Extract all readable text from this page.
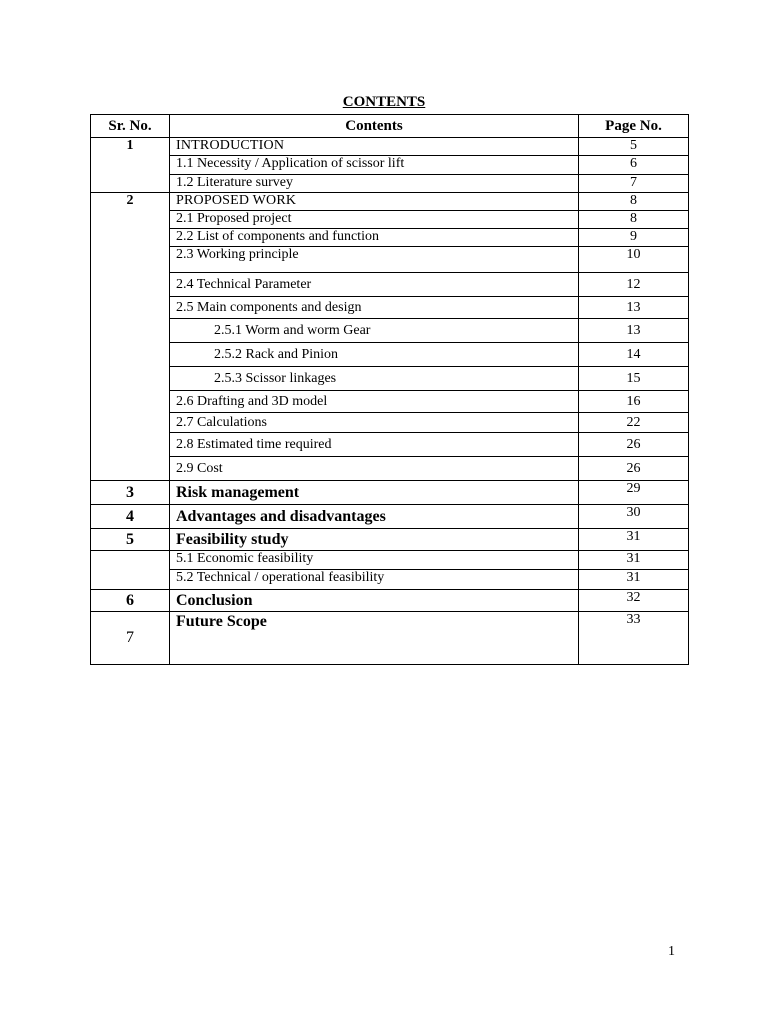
CONTENTS
Sr. No.	Contents	Page No.
1	INTRODUCTION	5
	1.1 Necessity / Application of scissor lift	6
	1.2 Literature survey	7
2	PROPOSED WORK	8
	2.1 Proposed project	8
	2.2 List of components and function	9
	2.3 Working principle	10
	2.4 Technical Parameter	12
	2.5 Main components and design	13
	2.5.1 Worm and worm Gear	13
	2.5.2 Rack and Pinion	14
	2.5.3 Scissor linkages	15
	2.6 Drafting and 3D model	16
	2.7 Calculations	22
	2.8 Estimated time required	26
	2.9 Cost	26
3	Risk management	29
4	Advantages and disadvantages	30
5	Feasibility study	31
	5.1 Economic feasibility	31
	5.2 Technical / operational feasibility	31
6	Conclusion	32
7	Future Scope	33
1
